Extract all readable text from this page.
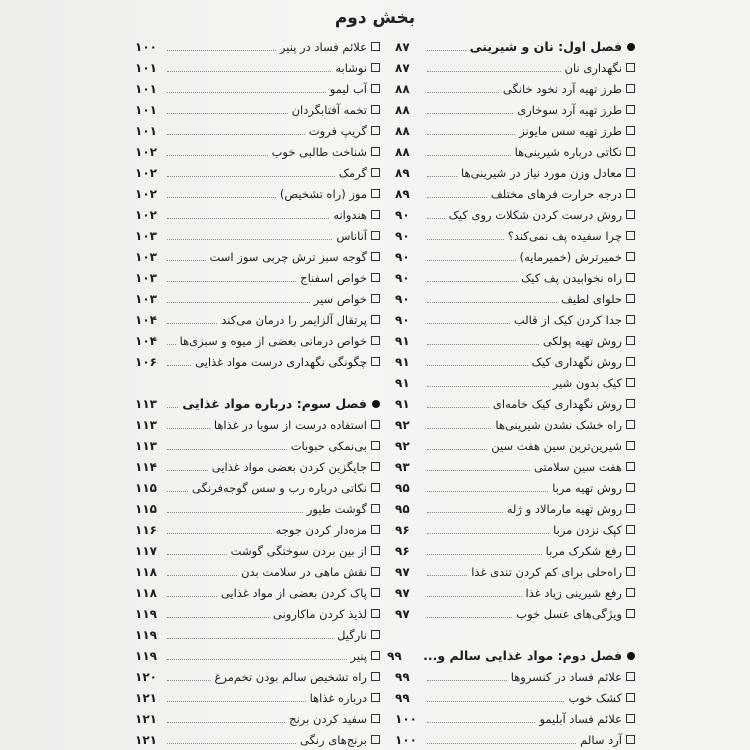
بخش دوم
فصل اول: نان و شیرینی
۸۷
نگهداری نان
۸۷
طرز تهیه آرد نخود خانگی
۸۸
طرز تهیه آرد سوخاری
۸۸
طرز تهیه سس مایونز
۸۸
نکاتی درباره شیرینی‌ها
۸۸
معادل وزن مورد نیاز در شیرینی‌ها
۸۹
درجه حرارت فرهای مختلف
۸۹
روش درست کردن شکلات روی کیک
۹۰
چرا سفیده پف نمی‌کند؟
۹۰
خمیرترش (خمیرمایه)
۹۰
راه نخوابیدن پف کیک
۹۰
حلوای لطیف
۹۰
جدا کردن کیک از قالب
۹۰
روش تهیه پولکی
۹۱
روش نگهداری کیک
۹۱
کیک بدون شیر
۹۱
روش نگهداری کیک خامه‌ای
۹۱
راه خشک نشدن شیرینی‌ها
۹۲
شیرین‌ترین سین هفت سین
۹۲
هفت سین سلامتی
۹۳
روش تهیه مربا
۹۵
روش تهیه مارمالاد و ژله
۹۵
کپک نزدن مربا
۹۶
رفع شکرک مربا
۹۶
راه‌حلی برای کم کردن تندی غذا
۹۷
رفع شیرینی زیاد غذا
۹۷
ویژگی‌های عسل خوب
۹۷
فصل دوم: مواد غذایی سالم و...
۹۹
علائم فساد در کنسروها
۹۹
کشک خوب
۹۹
علائم فساد آبلیمو
۱۰۰
آرد سالم
۱۰۰
علائم فساد در پنیر
۱۰۰
نوشابه
۱۰۱
آب لیمو
۱۰۱
تخمه آفتابگردان
۱۰۱
گریپ فروت
۱۰۱
شناخت طالبی خوب
۱۰۲
گرمک
۱۰۲
موز (راه تشخیص)
۱۰۲
هندوانه
۱۰۲
آناناس
۱۰۳
گوجه سبز ترش چربی سوز است
۱۰۳
خواص اسفناج
۱۰۳
خواص سیر
۱۰۳
پرتقال آلزایمر را درمان می‌کند
۱۰۴
خواص درمانی بعضی از میوه و سبزی‌ها
۱۰۴
چگونگی نگهداری درست مواد غذایی
۱۰۶
فصل سوم: درباره مواد غذایی
۱۱۳
استفاده درست از سویا در غذاها
۱۱۳
بی‌نمکی حبوبات
۱۱۳
جایگزین کردن بعضی مواد غذایی
۱۱۴
نکاتی درباره رب و سس گوجه‌فرنگی
۱۱۵
گوشت طیور
۱۱۵
مزه‌دار کردن جوجه
۱۱۶
از بین بردن سوختگی گوشت
۱۱۷
نقش ماهی در سلامت بدن
۱۱۸
پاک کردن بعضی از مواد غذایی
۱۱۸
لذیذ کردن ماکارونی
۱۱۹
نارگیل
۱۱۹
پنیر
۱۱۹
راه تشخیص سالم بودن تخم‌مرغ
۱۲۰
درباره غذاها
۱۲۱
سفید کردن برنج
۱۲۱
برنج‌های رنگی
۱۲۱
